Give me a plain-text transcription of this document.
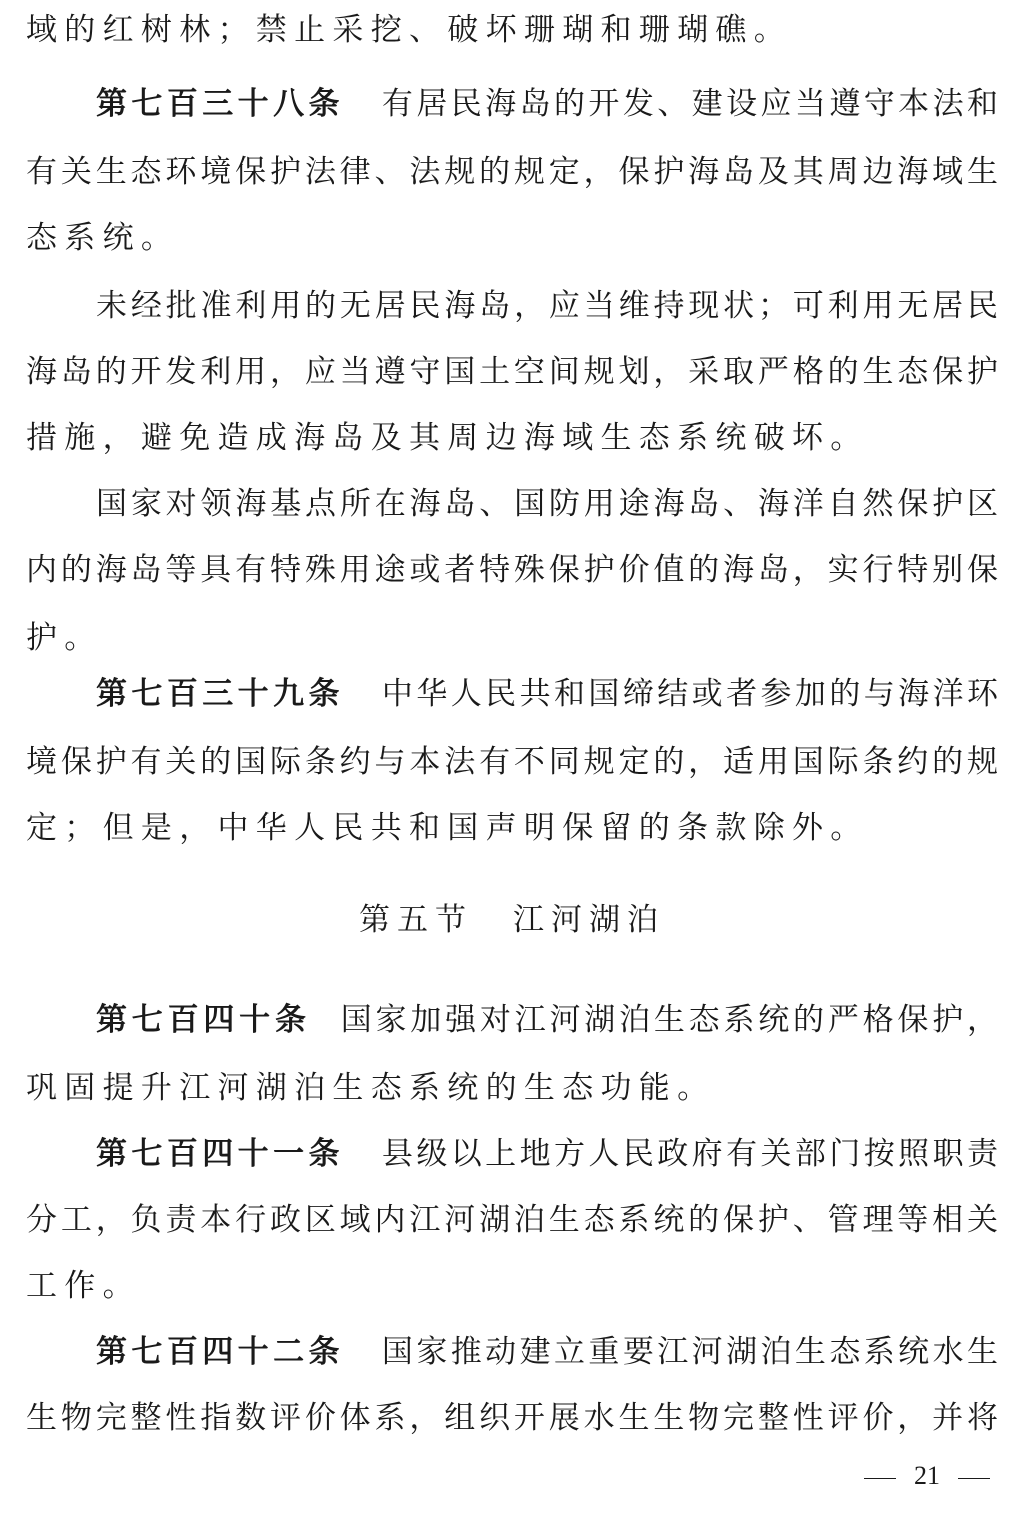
域的红树林；禁止采挖、破坏珊瑚和珊瑚礁。
第七百三十八条 有居民海岛的开发、建设应当遵守本法和
有关生态环境保护法律、法规的规定，保护海岛及其周边海域生
态系统。
未经批准利用的无居民海岛，应当维持现状；可利用无居民
海岛的开发利用，应当遵守国土空间规划，采取严格的生态保护
措施，避免造成海岛及其周边海域生态系统破坏。
国家对领海基点所在海岛、国防用途海岛、海洋自然保护区
内的海岛等具有特殊用途或者特殊保护价值的海岛，实行特别保
护。
第七百三十九条 中华人民共和国缔结或者参加的与海洋环
境保护有关的国际条约与本法有不同规定的，适用国际条约的规
定；但是，中华人民共和国声明保留的条款除外。
第五节 江河湖泊
第七百四十条 国家加强对江河湖泊生态系统的严格保护，
巩固提升江河湖泊生态系统的生态功能。
第七百四十一条 县级以上地方人民政府有关部门按照职责
分工，负责本行政区域内江河湖泊生态系统的保护、管理等相关
工作。
第七百四十二条 国家推动建立重要江河湖泊生态系统水生
生物完整性指数评价体系，组织开展水生生物完整性评价，并将
21
